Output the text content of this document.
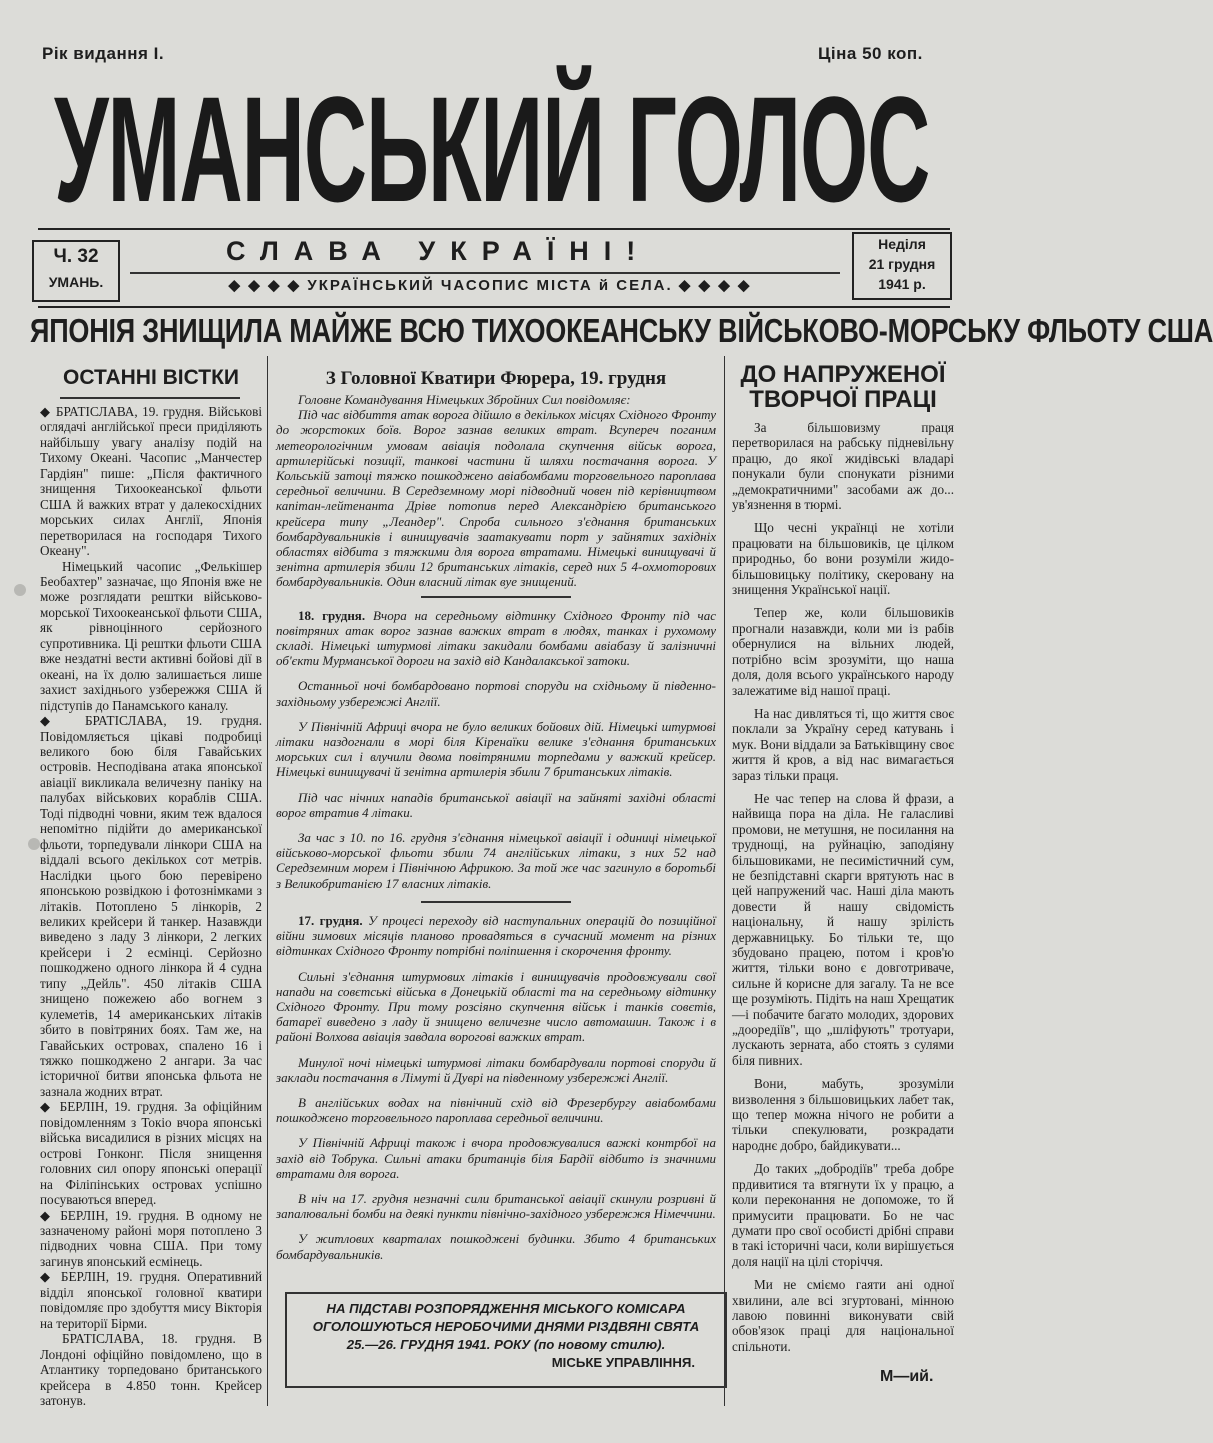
Рік видання І.	Ціна 50 коп.
УМАНСЬКИЙ ГОЛОС
Ч. 32
УМАНЬ.
СЛАВА УКРАЇНІ!
◆ ◆ ◆ ◆ УКРАЇНСЬКИЙ ЧАСОПИС МІСТА й СЕЛА. ◆ ◆ ◆ ◆
Неділя
21 грудня
1941 р.
ЯПОНІЯ ЗНИЩИЛА МАЙЖЕ ВСЮ ТИХООКЕАНСЬКУ ВІЙСЬКОВО-МОРСЬКУ ФЛЬОТУ США
ОСТАННІ ВІСТКИ

◆ БРАТІСЛАВА, 19. грудня. Військові оглядачі англійської преси приділяють найбільшу увагу аналізу подій на Тихому Океані. Часопис „Манчестер Гардіян" пише: „Після фактичного знищення Тихоокеанської фльоти США й важких втрат у далекосхідних морських силах Англії, Японія перетворилася на господаря Тихого Океану".

Німецький часопис „Фелькішер Беобахтер" зазначає, що Японія вже не може розглядати рештки військово-морської Тихоокеанської фльоти США, як рівноцінного серйозного супротивника. Ці рештки фльоти США вже нездатні вести активні бойові дії в океані, на їх долю залишається лише захист західнього узбережжя США й підступів до Панамського каналу.

◆ БРАТІСЛАВА, 19. грудня. Повідомляється цікаві подробиці великого бою біля Гавайських островів. Несподівана атака японської авіації викликала величезну паніку на палубах військових кораблів США. Тоді підводні човни, яким теж вдалося непомітно підійти до американської фльоти, торпедували лінкори США на віддалі всього декількох сот метрів. Наслідки цього бою перевірено японською розвідкою і фотознімками з літаків. Потоплено 5 лінкорів, 2 великих крейсери й танкер. Назавжди виведено з ладу 3 лінкори, 2 легких крейсери і 2 есмінці. Серйозно пошкоджено одного лінкора й 4 судна типу „Дейль". 450 літаків США знищено пожежею або вогнем з кулеметів, 14 американських літаків збито в повітряних боях. Там же, на Гавайських островах, спалено 16 і тяжко пошкоджено 2 ангари. За час історичної битви японська фльота не зазнала жодних втрат.

◆ БЕРЛІН, 19. грудня. За офіційним повідомленням з Токіо вчора японські війська висадилися в різних місцях на острові Гонконг. Після знищення головних сил опору японські операції на Філіпінських островах успішно посуваються вперед.

◆ БЕРЛІН, 19. грудня. В одному не зазначеному районі моря потоплено 3 підводних човна США. При тому загинув японський есмінець.

◆ БЕРЛІН, 19. грудня. Оперативний відділ японської головної кватири повідомляє про здобуття мису Вікторія на території Бірми.

БРАТІСЛАВА, 18. грудня. В Лондоні офіційно повідомлено, що в Атлантику торпедовано британського крейсера в 4.850 тонн. Крейсер затонув.

З Головної Кватири Фюрера, 19. грудня

Головне Командування Німецьких Збройних Сил повідомляє:

Під час відбиття атак ворога дійшло в декількох місцях Східного Фронту до жорстоких боїв. Ворог зазнав великих втрат. Всупереч поганим метеорологічним умовам авіація подолала скупчення військ ворога, артилерійські позиції, танкові частини й шляхи постачання ворога. У Кольській затоці тяжко пошкоджено авіабомбами торговельного пароплава середньої величини. В Середземному морі підводний човен під керівництвом капітан-лейтенанта Дріве потопив перед Александрією британського крейсера типу „Леандер". Спроба сильного з'єднання британських бомбардувальників і винищувачів заатакувати порт у зайнятих західніх областях відбита з тяжкими для ворога втратами. Німецькі винищувачі й зенітна артилерія збили 12 британських літаків, серед них 5 4-охмоторових бомбардувальників. Один власний літак вуе знищений.

18. грудня. Вчора на середньому відтинку Східного Фронту під час повітряних атак ворог зазнав важких втрат в людях, танках і рухомому складі. Німецькі штурмові літаки закидали бомбами авіабазу й залізничні об'єкти Мурманської дороги на захід від Кандалакської затоки.

Останньої ночі бомбардовано портові споруди на східньому й південно-західньому узбережжі Англії.

У Північній Африці вчора не було великих бойових дій. Німецькі штурмові літаки наздогнали в морі біля Кіренаїки велике з'єднання британських морських сил і влучили двома повітряними торпедами у важкий крейсер. Німецькі винищувачі й зенітна артилерія збили 7 британських літаків.

Під час нічних нападів британської авіації на зайняті західні області ворог втратив 4 літаки.

За час з 10. по 16. грудня з'єднання німецької авіації і одиниці німецької військово-морської фльоти збили 74 англійських літаки, з них 52 над Середземним морем і Північною Африкою. За той же час загинуло в боротьбі з Великобританією 17 власних літаків.

17. грудня. У процесі переходу від наступальних операцій до позиційної війни зимових місяців планово провадяться в сучасний момент на різних відтинках Східного Фронту потрібні поліпшення і скорочення фронту.

Сильні з'єднання штурмових літаків і винищувачів продовжували свої напади на совєтські війська в Донецькій області та на середньому відтинку Східного Фронту. При тому розсіяно скупчення військ і танків совєтів, батареї виведено з ладу й знищено величезне число автомашин. Також і в районі Волхова авіація завдала ворогові важких втрат.

Минулої ночі німецькі штурмові літаки бомбардували портові споруди й заклади постачання в Лімуті й Дуврі на південному узбережжі Англії.

В англійських водах на північний схід від Фрезербургу авіабомбами пошкоджено торговельного пароплава середньої величини.

У Північній Африці також і вчора продовжувалися важкі контрбої на захід від Тобрука. Сильні атаки британців біля Бардії відбито із значними втратами для ворога.

В ніч на 17. грудня незначні сили британської авіації скинули розривні й запалювальні бомби на деякі пункти північно-західного узбережжя Німеччини.

У житлових кварталах пошкоджені будинки. Збито 4 британських бомбардувальників.

НА ПІДСТАВІ РОЗПОРЯДЖЕННЯ МІСЬКОГО КОМІСАРА
ОГОЛОШУЮТЬСЯ НЕРОБОЧИМИ ДНЯМИ РІЗДВЯНІ СВЯТА
25.—26. ГРУДНЯ 1941. РОКУ (по новому стилю).
МІСЬКЕ УПРАВЛІННЯ.
ДО НАПРУЖЕНОЇ
ТВОРЧОЇ ПРАЦІ

За більшовизму праця перетворилася на рабську підневільну працю, до якої жидівські владарі понукали були спонукати різними „демократичними" засобами аж до... ув'язнення в тюрмі.

Що чесні українці не хотіли працювати на більшовиків, це цілком природньо, бо вони розуміли жидо-більшовицьку політику, скеровану на знищення Української нації.

Тепер же, коли більшовиків прогнали назавжди, коли ми із рабів обернулися на вільних людей, потрібно всім зрозуміти, що наша доля, доля всього українського народу залежатиме від нашої праці.

На нас дивляться ті, що життя своє поклали за Україну серед катувань і мук. Вони віддали за Батьківщину своє життя й кров, а від нас вимагається зараз тільки праця.

Не час тепер на слова й фрази, а найвища пора на діла. Не галасливі промови, не метушня, не посилання на труднощі, на руйнацію, заподіяну більшовиками, не песимістичний сум, не безпідставні скарги врятують нас в цей напружений час. Наші діла мають довести й нашу свідомість національну, й нашу зрілість державницьку. Бо тільки те, що збудовано працею, потом і кров'ю життя, тільки воно є довготриваче, сильне й корисне для загалу. Та не все ще розуміють. Підіть на наш Хрещатик—і побачите багато молодих, здорових „дооредіїв", що „шліфують" тротуари, лускають зерната, або стоять з сулями біля пивних.

Вони, мабуть, зрозуміли визволення з більшовицьких лабет так, що тепер можна нічого не робити а тільки спекулювати, розкрадати народнє добро, байдикувати...

До таких „добродіїв" треба добре прдивитися та втягнути їх у працю, а коли переконання не допоможе, то й примусити працювати. Бо не час думати про свої особисті дрібні справи в такі історичні часи, коли вирішується доля нації на цілі сторіччя.

Ми не сміємо гаяти ані одної хвилини, але всі згуртовані, мінною лавою повинні виконувати свій обов'язок праці для національної спільноти.

М—ий.
